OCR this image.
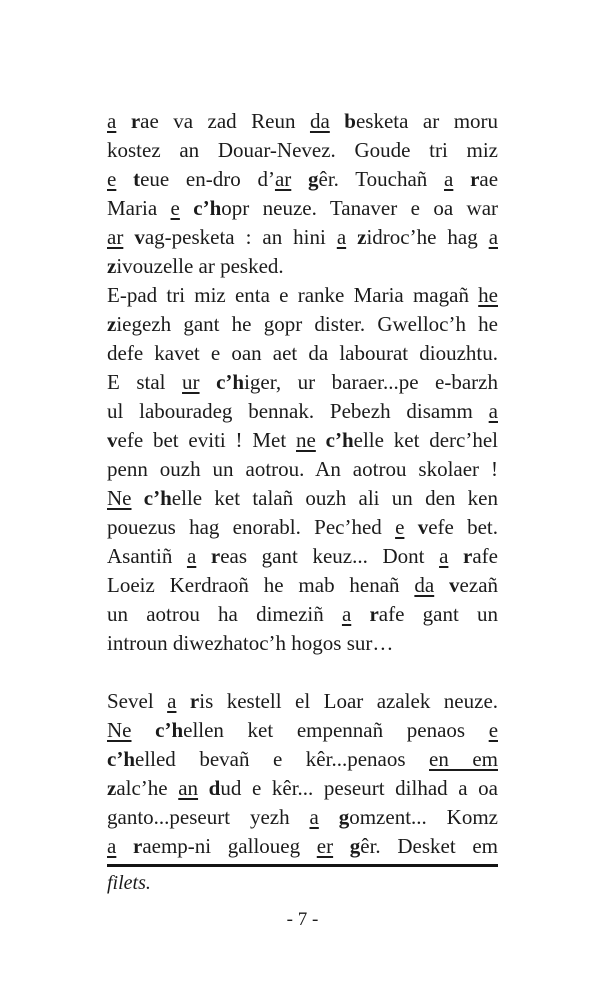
a rae va zad Reun da besketa ar moru
kostez an Douar-Nevez. Goude tri miz
e teue en-dro d’ar gêr. Touchañ a rae
Maria e c’hopr neuze. Tanaver e oa war
ar vag-pesketa : an hini a zidroc’he hag a
zivouzelle ar pesked.
E-pad tri miz enta e ranke Maria magañ he
ziegezh gant he gopr dister. Gwelloc’h he
defe kavet e oan aet da labourat diouzhtu.
E stal ur c’higer, ur baraer...pe e-barzh
ul labouradeg bennak. Pebezh disamm a
vefe bet eviti ! Met ne c’helle ket derc’hel
penn ouzh un aotrou. An aotrou skolaer !
Ne c’helle ket talañ ouzh ali un den ken
pouezus hag enorabl. Pec’hed e vefe bet.
Asantiñ a reas gant keuz... Dont a rafe
Loeiz Kerdraoñ he mab henañ da vezañ
un aotrou ha dimeziñ a rafe gant un
introun diwezhatoc’h hogos sur…
Sevel a ris kestell el Loar azalek neuze.
Ne c’hellen ket empennañ penaos e
c’helled bevañ e kêr...penaos en em
zalc’he an dud e kêr... peseurt dilhad a oa
ganto...peseurt yezh a gomzent... Komz
a raemp-ni galloueg er gêr. Desket em
filets.
- 7 -
